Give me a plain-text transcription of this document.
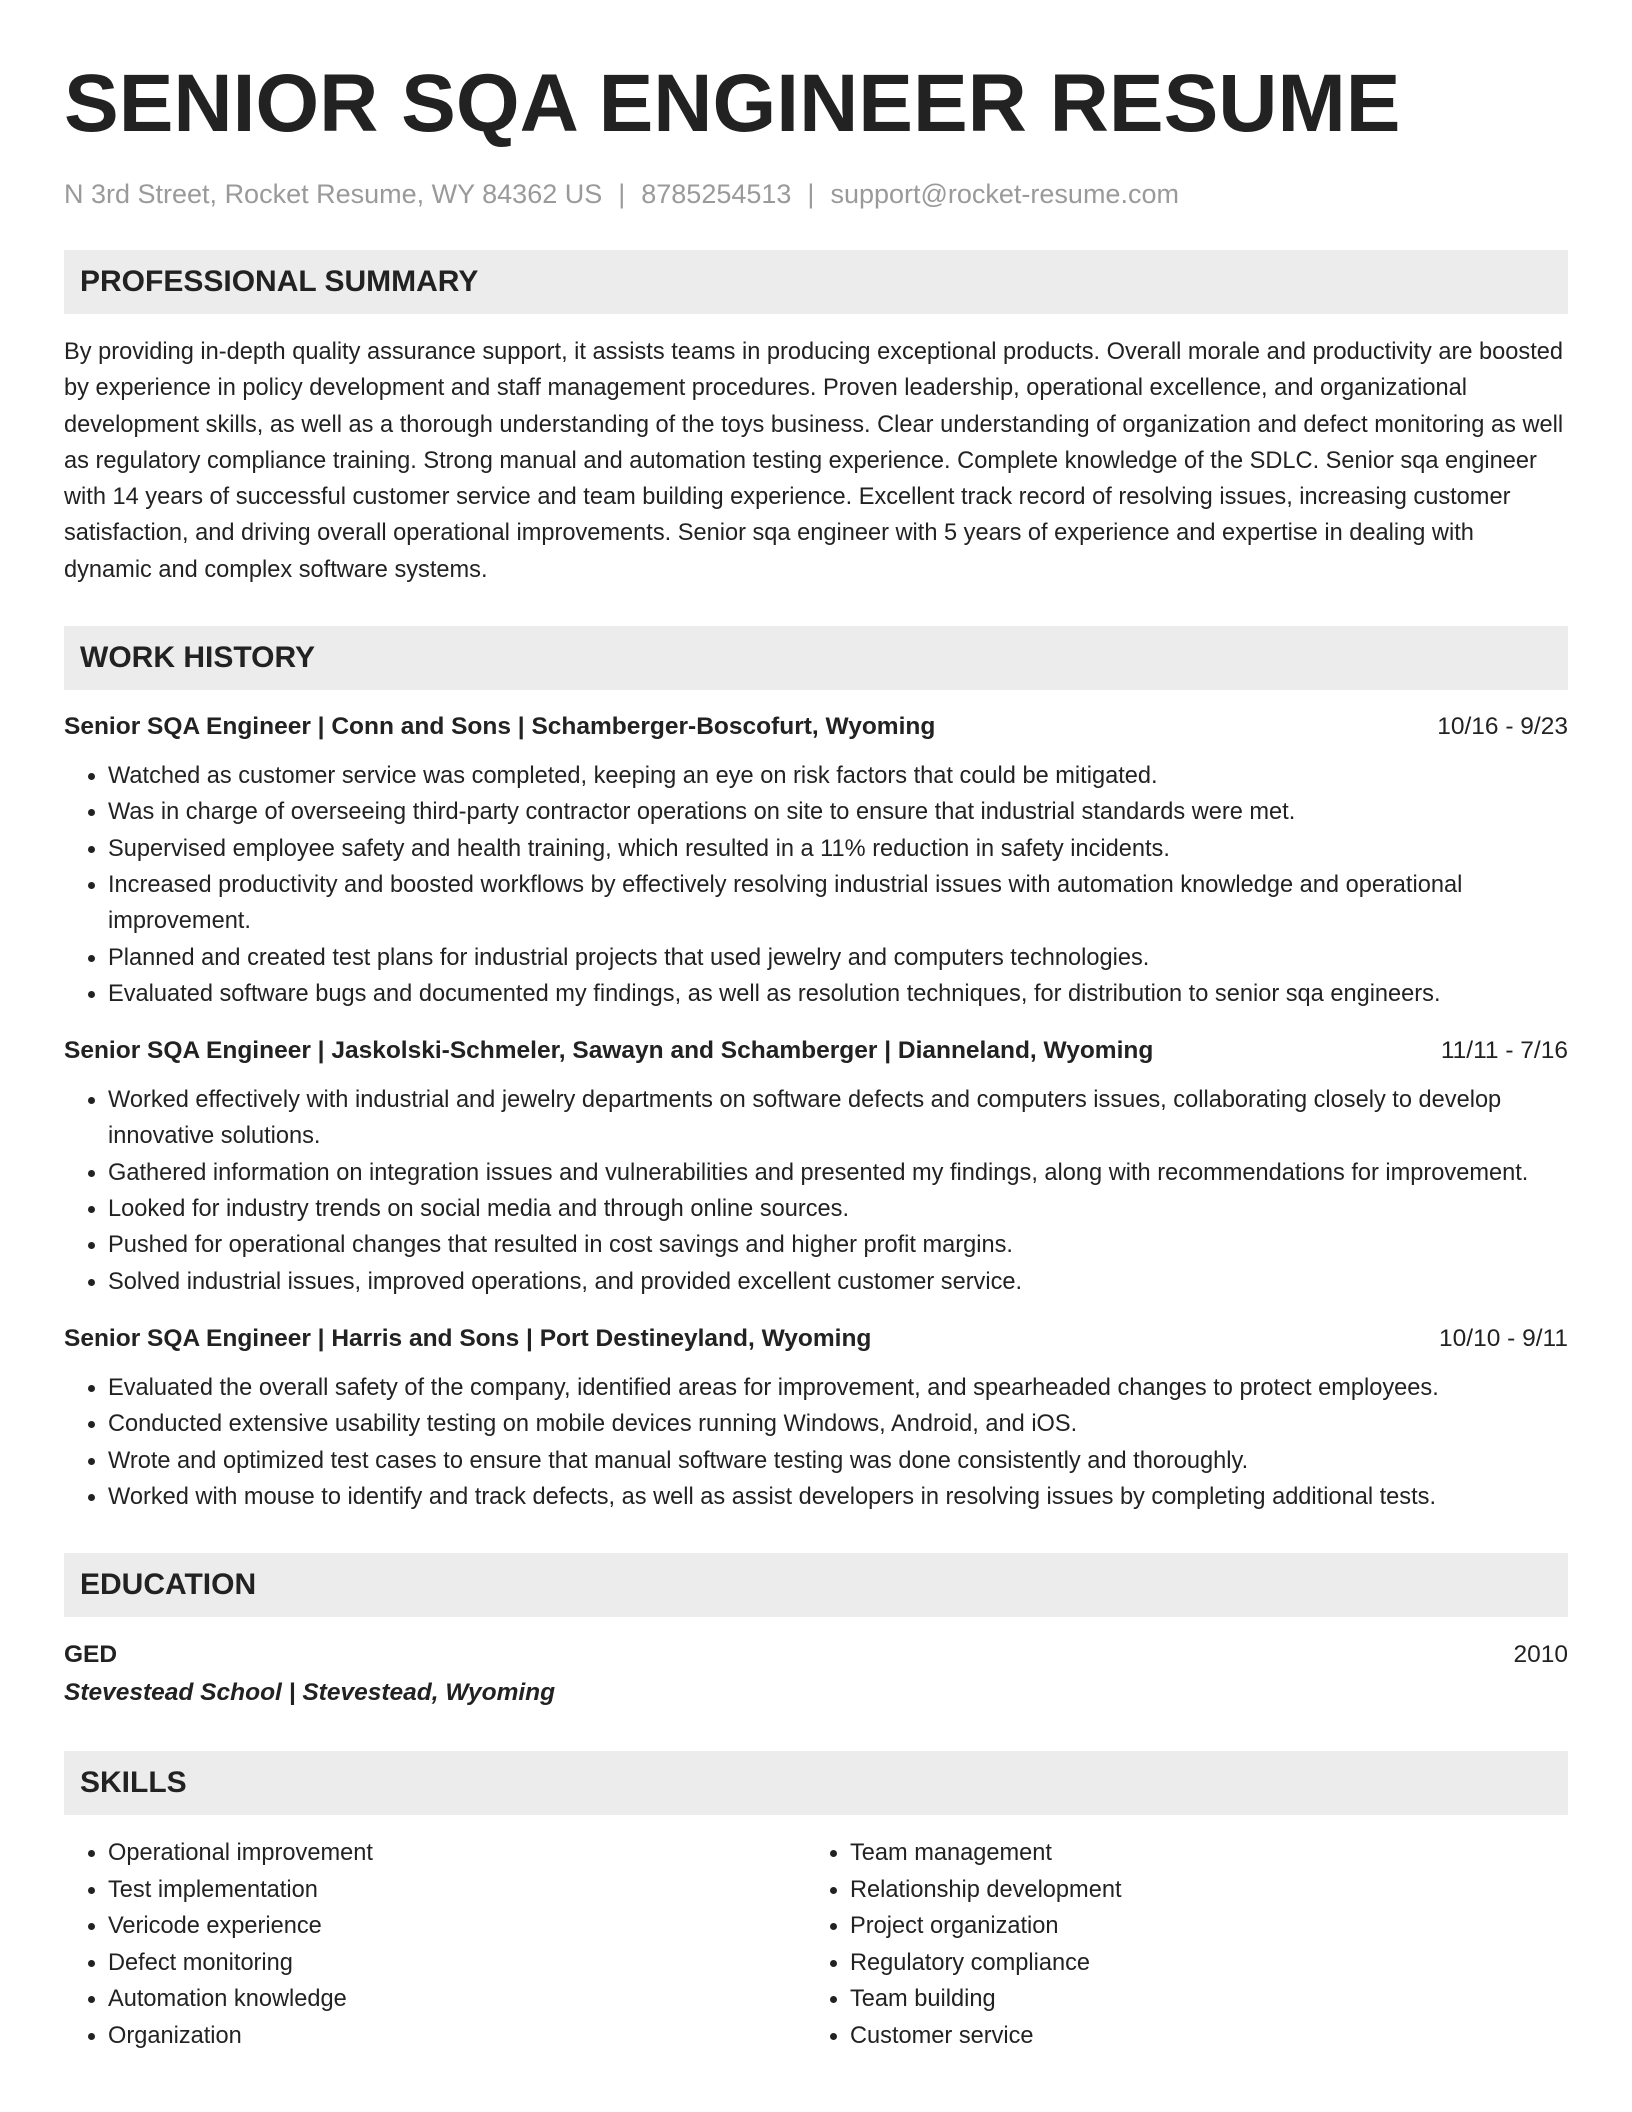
SENIOR SQA ENGINEER RESUME
N 3rd Street, Rocket Resume, WY 84362 US | 8785254513 | support@rocket-resume.com
PROFESSIONAL SUMMARY

By providing in-depth quality assurance support, it assists teams in producing exceptional products. Overall morale and productivity are boosted by experience in policy development and staff management procedures. Proven leadership, operational excellence, and organizational development skills, as well as a thorough understanding of the toys business. Clear understanding of organization and defect monitoring as well as regulatory compliance training. Strong manual and automation testing experience. Complete knowledge of the SDLC. Senior sqa engineer with 14 years of successful customer service and team building experience. Excellent track record of resolving issues, increasing customer satisfaction, and driving overall operational improvements. Senior sqa engineer with 5 years of experience and expertise in dealing with dynamic and complex software systems.

WORK HISTORY
Senior SQA Engineer | Conn and Sons | Schamberger-Boscofurt, Wyoming	10/16 - 9/23
• Watched as customer service was completed, keeping an eye on risk factors that could be mitigated.
• Was in charge of overseeing third-party contractor operations on site to ensure that industrial standards were met.
• Supervised employee safety and health training, which resulted in a 11% reduction in safety incidents.
• Increased productivity and boosted workflows by effectively resolving industrial issues with automation knowledge and operational improvement.
• Planned and created test plans for industrial projects that used jewelry and computers technologies.
• Evaluated software bugs and documented my findings, as well as resolution techniques, for distribution to senior sqa engineers.
Senior SQA Engineer | Jaskolski-Schmeler, Sawayn and Schamberger | Dianneland, Wyoming	11/11 - 7/16
• Worked effectively with industrial and jewelry departments on software defects and computers issues, collaborating closely to develop innovative solutions.
• Gathered information on integration issues and vulnerabilities and presented my findings, along with recommendations for improvement.
• Looked for industry trends on social media and through online sources.
• Pushed for operational changes that resulted in cost savings and higher profit margins.
• Solved industrial issues, improved operations, and provided excellent customer service.
Senior SQA Engineer | Harris and Sons | Port Destineyland, Wyoming	10/10 - 9/11
• Evaluated the overall safety of the company, identified areas for improvement, and spearheaded changes to protect employees.
• Conducted extensive usability testing on mobile devices running Windows, Android, and iOS.
• Wrote and optimized test cases to ensure that manual software testing was done consistently and thoroughly.
• Worked with mouse to identify and track defects, as well as assist developers in resolving issues by completing additional tests.
EDUCATION
GED	2010
Stevestead School | Stevestead, Wyoming
SKILLS
• Operational improvement
• Test implementation
• Vericode experience
• Defect monitoring
• Automation knowledge
• Organization
• Team management
• Relationship development
• Project organization
• Regulatory compliance
• Team building
• Customer service
